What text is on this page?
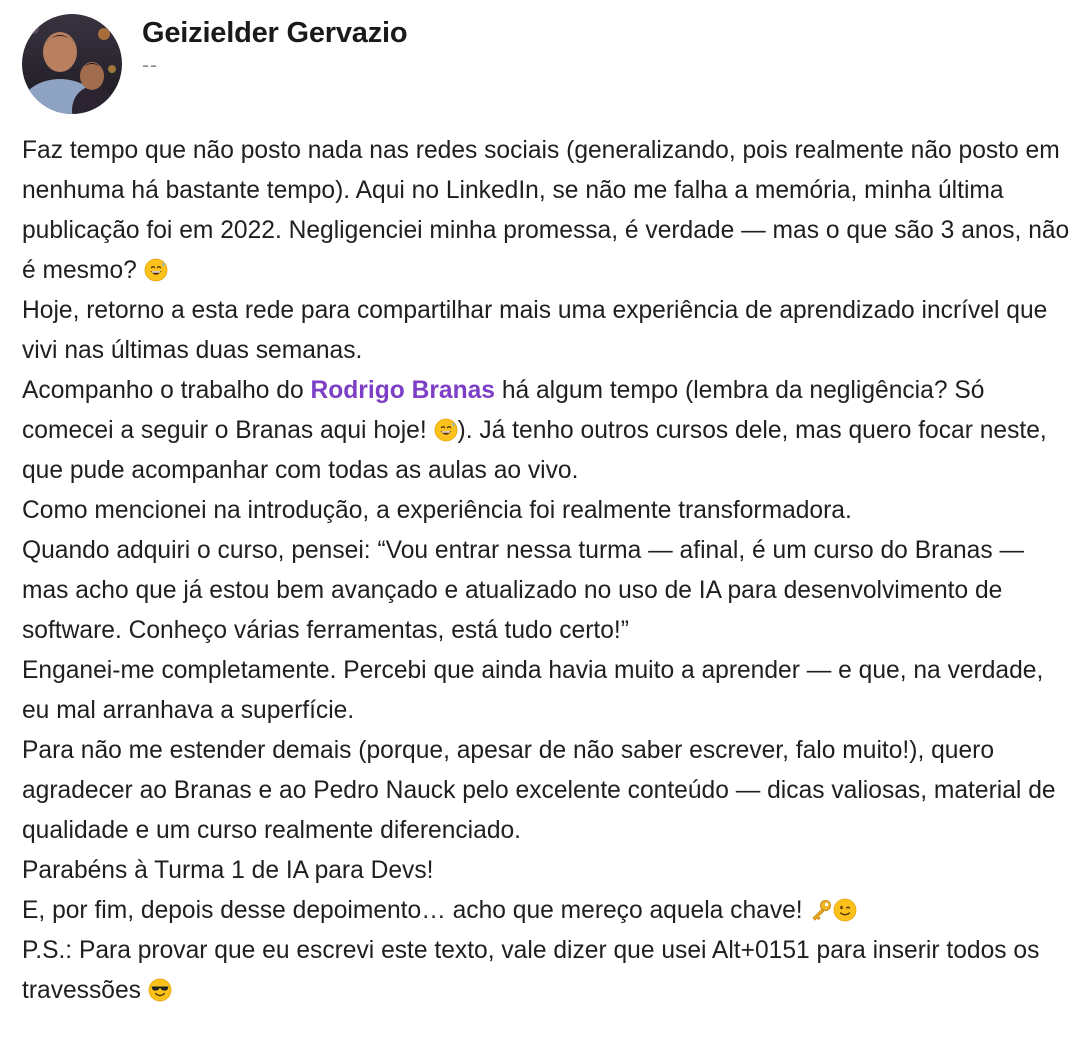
Geizielder Gervazio
--

Faz tempo que não posto nada nas redes sociais (generalizando, pois realmente não posto em nenhuma há bastante tempo). Aqui no LinkedIn, se não me falha a memória, minha última publicação foi em 2022. Negligenciei minha promessa, é verdade — mas o que são 3 anos, não é mesmo?

Hoje, retorno a esta rede para compartilhar mais uma experiência de aprendizado incrível que vivi nas últimas duas semanas.

Acompanho o trabalho do Rodrigo Branas há algum tempo (lembra da negligência? Só comecei a seguir o Branas aqui hoje!
). Já tenho outros cursos dele, mas quero focar neste, que pude acompanhar com todas as aulas ao vivo.

Como mencionei na introdução, a experiência foi realmente transformadora.

Quando adquiri o curso, pensei: “Vou entrar nessa turma — afinal, é um curso do Branas — mas acho que já estou bem avançado e atualizado no uso de IA para desenvolvimento de software. Conheço várias ferramentas, está tudo certo!”

Enganei-me completamente. Percebi que ainda havia muito a aprender — e que, na verdade, eu mal arranhava a superfície.

Para não me estender demais (porque, apesar de não saber escrever, falo muito!), quero agradecer ao Branas e ao Pedro Nauck pelo excelente conteúdo — dicas valiosas, material de qualidade e um curso realmente diferenciado.

Parabéns à Turma 1 de IA para Devs!

E, por fim, depois desse depoimento… acho que mereço aquela chave!

P.S.: Para provar que eu escrevi este texto, vale dizer que usei Alt+0151 para inserir todos os travessões
